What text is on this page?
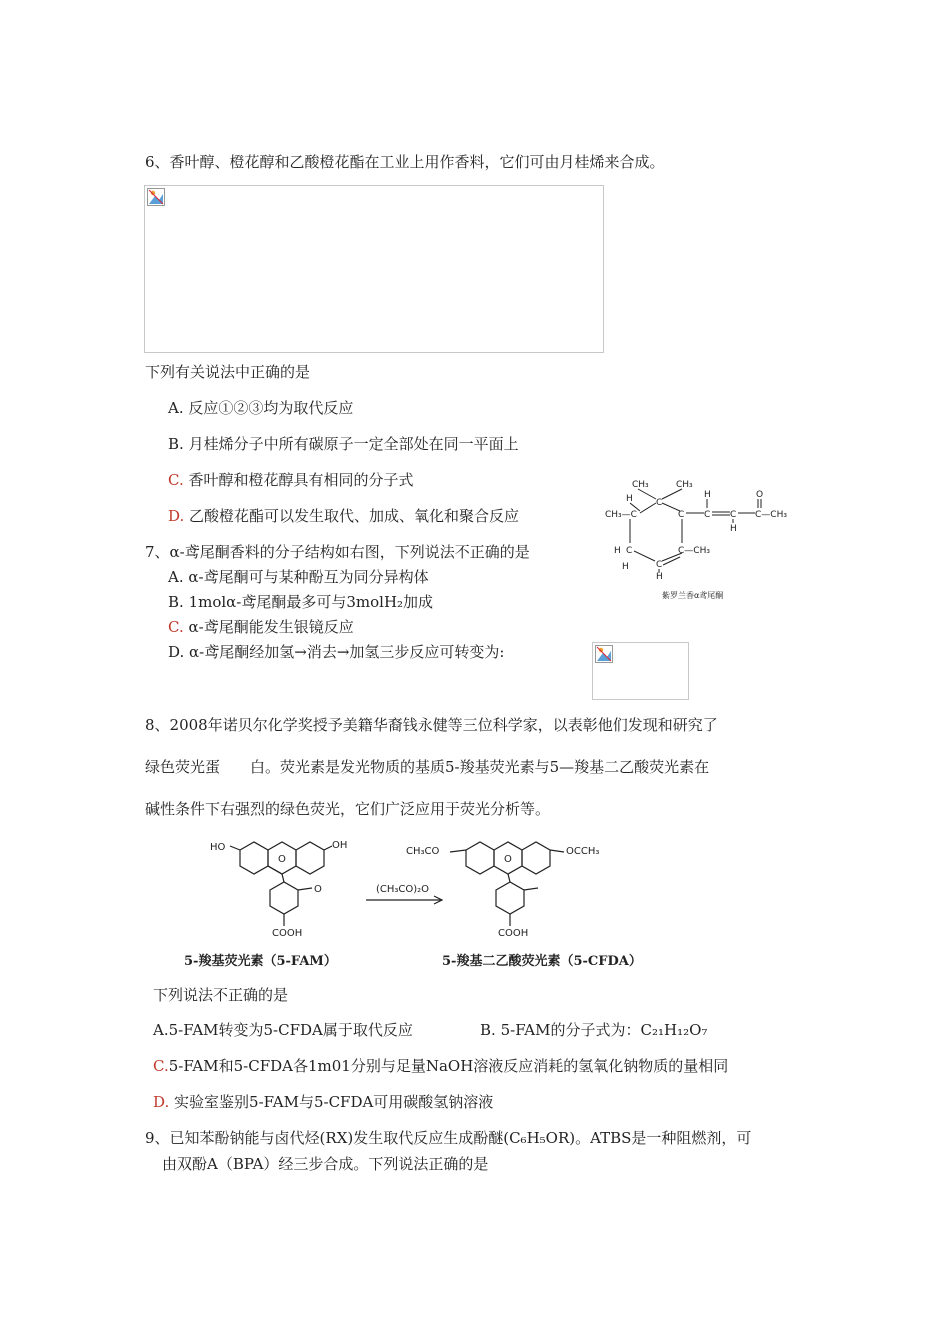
6、香叶醇、橙花醇和乙酸橙花酯在工业上用作香料，它们可由月桂烯来合成。
下列有关说法中正确的是
A. 反应①②③均为取代反应
B. 月桂烯分子中所有碳原子一定全部处在同一平面上
C. 香叶醇和橙花醇具有相同的分子式
D. 乙酸橙花酯可以发生取代、加成、氧化和聚合反应
CH₃	CH₃
H
CH₃—C
C
C
H
C C
H
O
C—CH₃
H C
H
C—CH₃
C
H
紫罗兰香α鸢尾酮
7、α-鸢尾酮香料的分子结构如右图，下列说法不正确的是
A. α-鸢尾酮可与某种酚互为同分异构体
B. 1molα-鸢尾酮最多可与3molH₂加成
C. α-鸢尾酮能发生银镜反应
D. α-鸢尾酮经加氢→消去→加氢三步反应可转变为:
8、2008年诺贝尔化学奖授予美籍华裔钱永健等三位科学家，以表彰他们发现和研究了
绿色荧光蛋　　白。荧光素是发光物质的基质5-羧基荧光素与5—羧基二乙酸荧光素在
碱性条件下右强烈的绿色荧光，它们广泛应用于荧光分析等。
HO	OH
O
O
COOH
(CH₃CO)₂O
CH₃CO	OCCH₃
O
COOH
5-羧基荧光素（5-FAM）	5-羧基二乙酸荧光素（5-CFDA）
下列说法不正确的是
A.5-FAM转变为5-CFDA属于取代反应	B. 5-FAM的分子式为：C₂₁H₁₂O₇
C.5-FAM和5-CFDA各1m01分别与足量NaOH溶液反应消耗的氢氧化钠物质的量相同
D. 实验室鉴别5-FAM与5-CFDA可用碳酸氢钠溶液
9、已知苯酚钠能与卤代烃(RX)发生取代反应生成酚醚(C₆H₅OR)。ATBS是一种阻燃剂，可
由双酚A（BPA）经三步合成。下列说法正确的是
